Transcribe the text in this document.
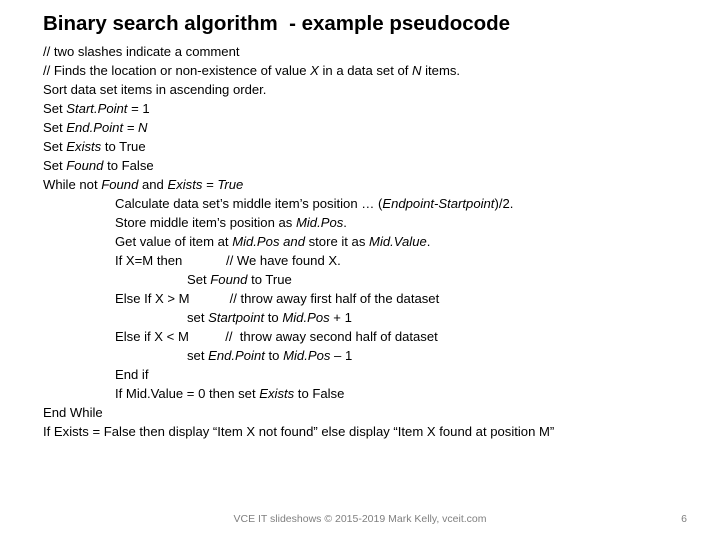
Binary search algorithm  - example pseudocode
// two slashes indicate a comment
// Finds the location or non-existence of value X in a data set of N items.
Sort data set items in ascending order.
Set Start.Point = 1
Set End.Point = N
Set Exists to True
Set Found to False
While not Found and Exists = True
Calculate data set’s middle item’s position … (Endpoint-Startpoint)/2.
Store middle item’s position as Mid.Pos.
Get value of item at Mid.Pos and store it as Mid.Value.
If X=M then            // We have found X.
Set Found to True
Else If X > M           // throw away first half of the dataset
set Startpoint to Mid.Pos + 1
Else if X < M          //  throw away second half of dataset
set End.Point to Mid.Pos – 1
End if
If Mid.Value = 0 then set Exists to False
End While
If Exists = False then display “Item X not found” else display “Item X found at position M”
VCE IT slideshows © 2015-2019 Mark Kelly, vceit.com	6
